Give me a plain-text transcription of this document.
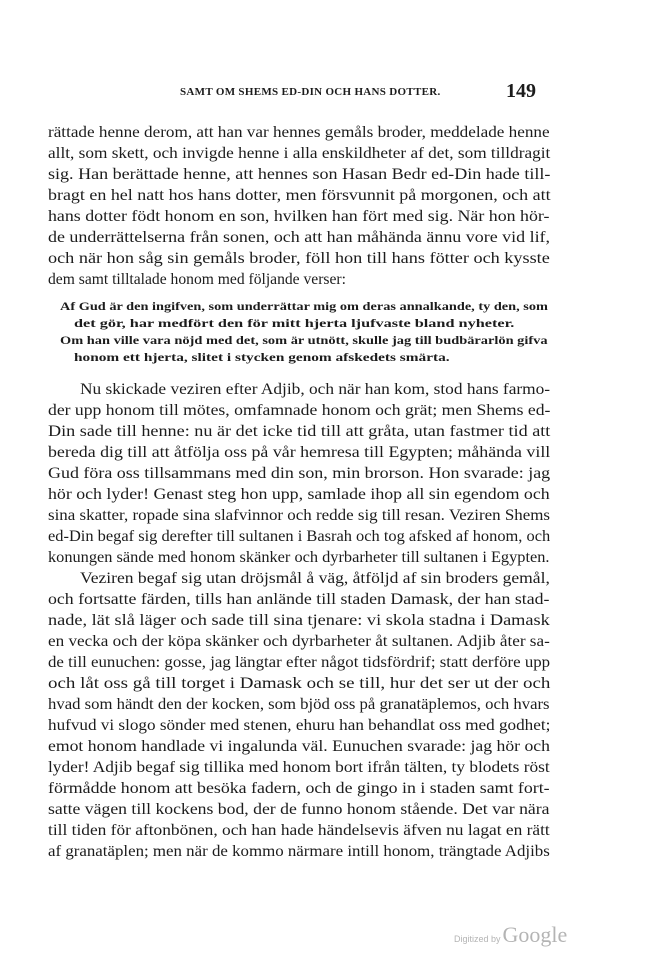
SAMT OM SHEMS ED-DIN OCH HANS DOTTER.	149
rättade henne derom, att han var hennes gemåls broder, meddelade henne
allt, som skett, och invigde henne i alla enskildheter af det, som tilldragit
sig. Han berättade henne, att hennes son Hasan Bedr ed-Din hade till-
bragt en hel natt hos hans dotter, men försvunnit på morgonen, och att
hans dotter födt honom en son, hvilken han fört med sig. När hon hör-
de underrättelserna från sonen, och att han måhända ännu vore vid lif,
och när hon såg sin gemåls broder, föll hon till hans fötter och kysste
dem samt tilltalade honom med följande verser:
Af Gud är den ingifven, som underrättar mig om deras annalkande, ty den, som
det gör, har medfört den för mitt hjerta ljufvaste bland nyheter.
Om han ville vara nöjd med det, som är utnött, skulle jag till budbärarlön gifva
honom ett hjerta, slitet i stycken genom afskedets smärta.
Nu skickade veziren efter Adjib, och när han kom, stod hans farmo-
der upp honom till mötes, omfamnade honom och grät; men Shems ed-
Din sade till henne: nu är det icke tid till att gråta, utan fastmer tid att
bereda dig till att åtfölja oss på vår hemresa till Egypten; måhända vill
Gud föra oss tillsammans med din son, min brorson. Hon svarade: jag
hör och lyder! Genast steg hon upp, samlade ihop all sin egendom och
sina skatter, ropade sina slafvinnor och redde sig till resan. Veziren Shems
ed-Din begaf sig derefter till sultanen i Basrah och tog afsked af honom, och
konungen sände med honom skänker och dyrbarheter till sultanen i Egypten.
Veziren begaf sig utan dröjsmål å väg, åtföljd af sin broders gemål,
och fortsatte färden, tills han anlände till staden Damask, der han stad-
nade, lät slå läger och sade till sina tjenare: vi skola stadna i Damask
en vecka och der köpa skänker och dyrbarheter åt sultanen. Adjib åter sa-
de till eunuchen: gosse, jag längtar efter något tidsfördrif; statt derföre upp
och låt oss gå till torget i Damask och se till, hur det ser ut der och
hvad som händt den der kocken, som bjöd oss på granatäplemos, och hvars
hufvud vi slogo sönder med stenen, ehuru han behandlat oss med godhet;
emot honom handlade vi ingalunda väl. Eunuchen svarade: jag hör och
lyder! Adjib begaf sig tillika med honom bort ifrån tälten, ty blodets röst
förmådde honom att besöka fadern, och de gingo in i staden samt fort-
satte vägen till kockens bod, der de funno honom stående. Det var nära
till tiden för aftonbönen, och han hade händelsevis äfven nu lagat en rätt
af granatäplen; men när de kommo närmare intill honom, trängtade Adjibs
Digitized byGoogle
